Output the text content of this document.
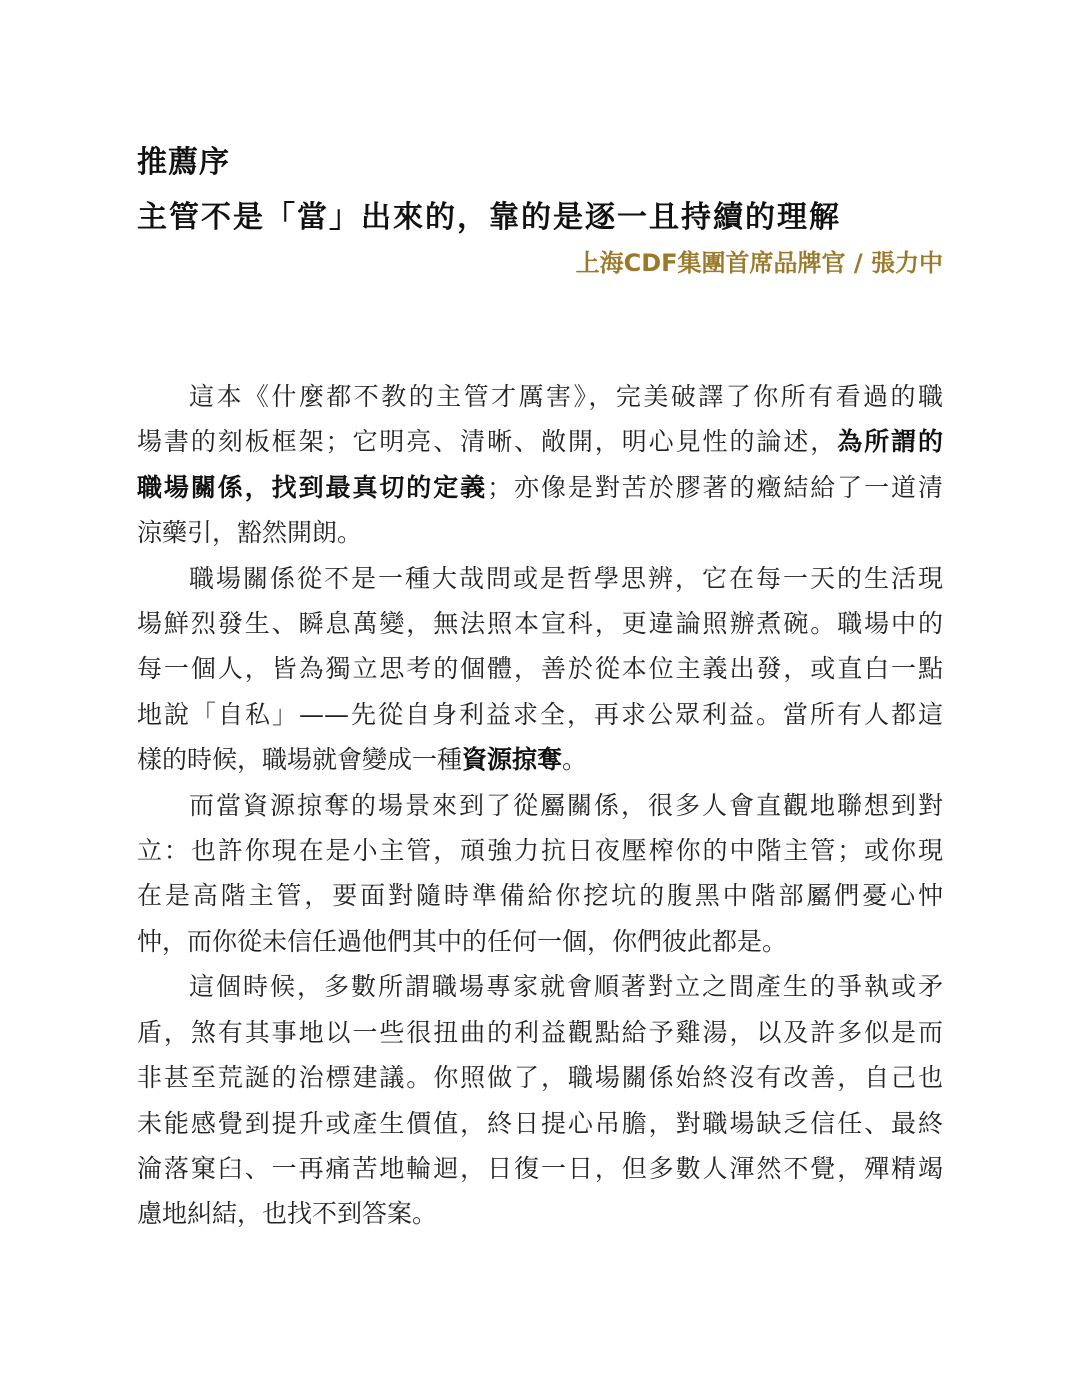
推薦序
主管不是「當」出來的，靠的是逐一且持續的理解
上海CDF集團首席品牌官 / 張力中
這本《什麼都不教的主管才厲害》，完美破譯了你所有看過的職
場書的刻板框架；它明亮、清晰、敞開，明心見性的論述，為所謂的
職場關係，找到最真切的定義；亦像是對苦於膠著的癥結給了一道清
涼藥引，豁然開朗。
職場關係從不是一種大哉問或是哲學思辨，它在每一天的生活現
場鮮烈發生、瞬息萬變，無法照本宣科，更違論照辦煮碗。職場中的
每一個人，皆為獨立思考的個體，善於從本位主義出發，或直白一點
地說「自私」——先從自身利益求全，再求公眾利益。當所有人都這
樣的時候，職場就會變成一種資源掠奪。
而當資源掠奪的場景來到了從屬關係，很多人會直觀地聯想到對
立：也許你現在是小主管，頑強力抗日夜壓榨你的中階主管；或你現
在是高階主管，要面對隨時準備給你挖坑的腹黑中階部屬們憂心忡
忡，而你從未信任過他們其中的任何一個，你們彼此都是。
這個時候，多數所謂職場專家就會順著對立之間產生的爭執或矛
盾，煞有其事地以一些很扭曲的利益觀點給予雞湯，以及許多似是而
非甚至荒誕的治標建議。你照做了，職場關係始終沒有改善，自己也
未能感覺到提升或產生價值，終日提心吊膽，對職場缺乏信任、最終
淪落窠臼、一再痛苦地輪迴，日復一日，但多數人渾然不覺，殫精竭
慮地糾結，也找不到答案。
